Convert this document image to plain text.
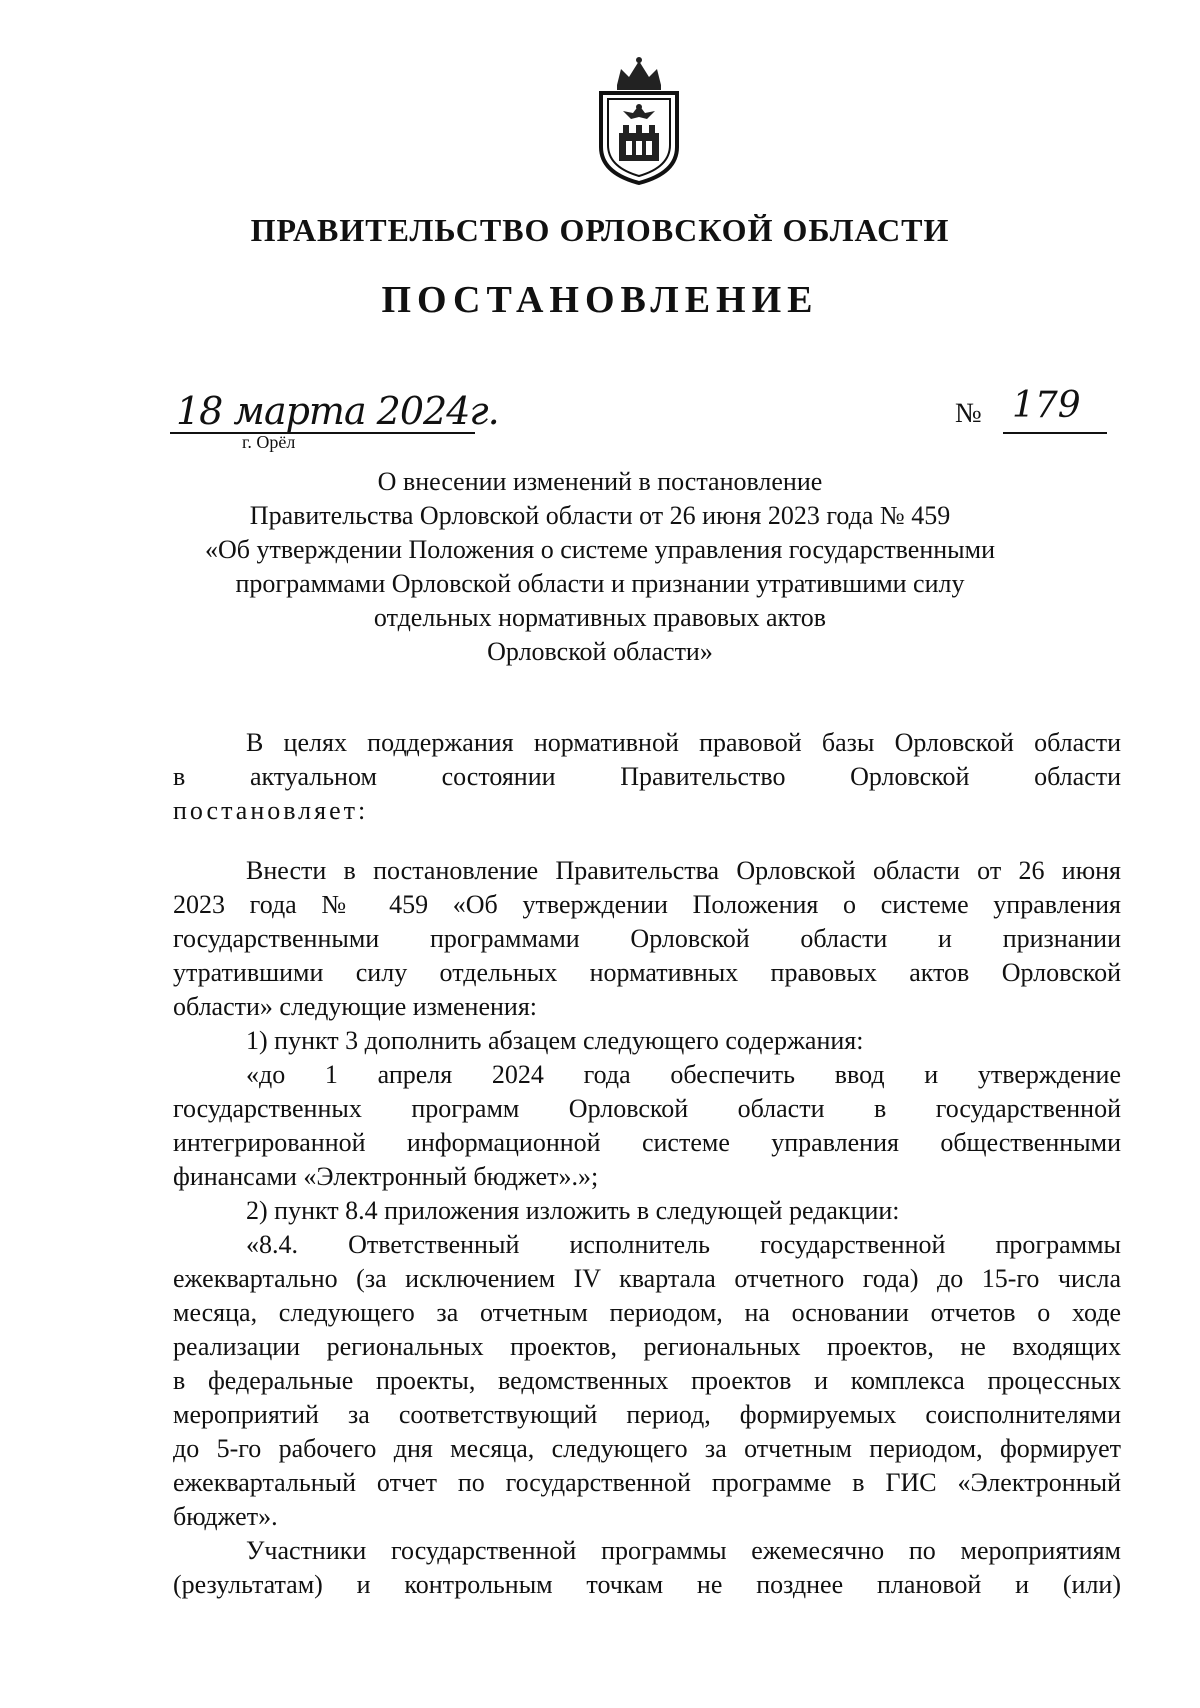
ПРАВИТЕЛЬСТВО ОРЛОВСКОЙ ОБЛАСТИ
ПОСТАНОВЛЕНИЕ
18 марта 2024г.
г. Орёл
№ 179
О внесении изменений в постановление
Правительства Орловской области от 26 июня 2023 года № 459
«Об утверждении Положения о системе управления государственными
программами Орловской области и признании утратившими силу
отдельных нормативных правовых актов
Орловской области»

В целях поддержания нормативной правовой базы Орловской области

в актуальном состоянии Правительство Орловской области

постановляет:

Внести в постановление Правительства Орловской области от 26 июня

2023 года № 459 «Об утверждении Положения о системе управления

государственными программами Орловской области и признании

утратившими силу отдельных нормативных правовых актов Орловской

области» следующие изменения:

1) пункт 3 дополнить абзацем следующего содержания:

«до 1 апреля 2024 года обеспечить ввод и утверждение

государственных программ Орловской области в государственной

интегрированной информационной системе управления общественными

финансами «Электронный бюджет».»;

2) пункт 8.4 приложения изложить в следующей редакции:

«8.4. Ответственный исполнитель государственной программы

ежеквартально (за исключением IV квартала отчетного года) до 15-го числа

месяца, следующего за отчетным периодом, на основании отчетов о ходе

реализации региональных проектов, региональных проектов, не входящих

в федеральные проекты, ведомственных проектов и комплекса процессных

мероприятий за соответствующий период, формируемых соисполнителями

до 5-го рабочего дня месяца, следующего за отчетным периодом, формирует

ежеквартальный отчет по государственной программе в ГИС «Электронный

бюджет».

Участники государственной программы ежемесячно по мероприятиям

(результатам) и контрольным точкам не позднее плановой и (или)
